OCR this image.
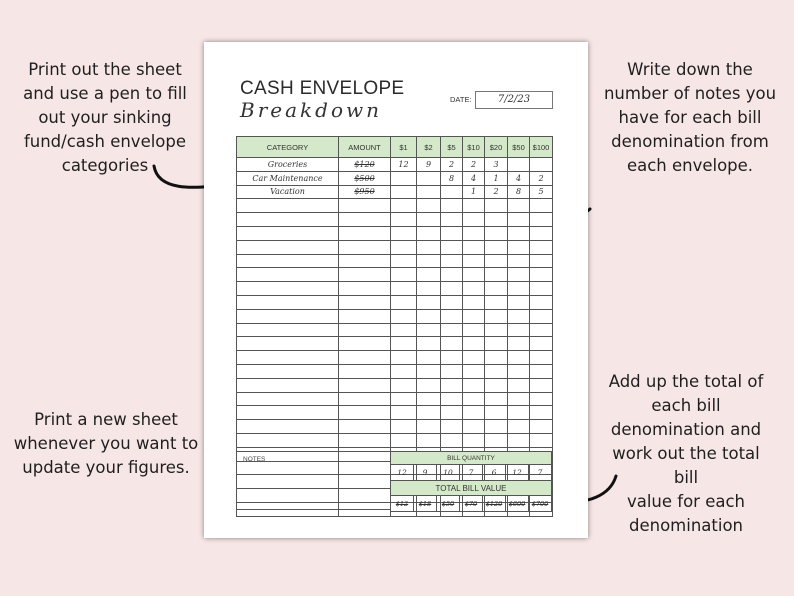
Print out the sheet
and use a pen to fill
out your sinking
fund/cash envelope
categories
Write down the
number of notes you
have for each bill
denomination from
each envelope.
Add up the total of
each bill
denomination and
work out the total bill
value for each
denomination
Print a new sheet
whenever you want to
update your figures.
CASH ENVELOPE
Breakdown	DATE:	7/2/23
CATEGORY	AMOUNT	$1	$2	$5	$10	$20	$50	$100
Groceries	$120	12	9	2	2	3		
Car Maintenance	$500			8	4	1	4	2
Vacation	$950				1	2	8	5

NOTES	BILL QUANTITY						
12	9	10	7	6	12	7
TOTAL BILL VALUE						
$12	$18	$50	$70	$120	$600	$700
